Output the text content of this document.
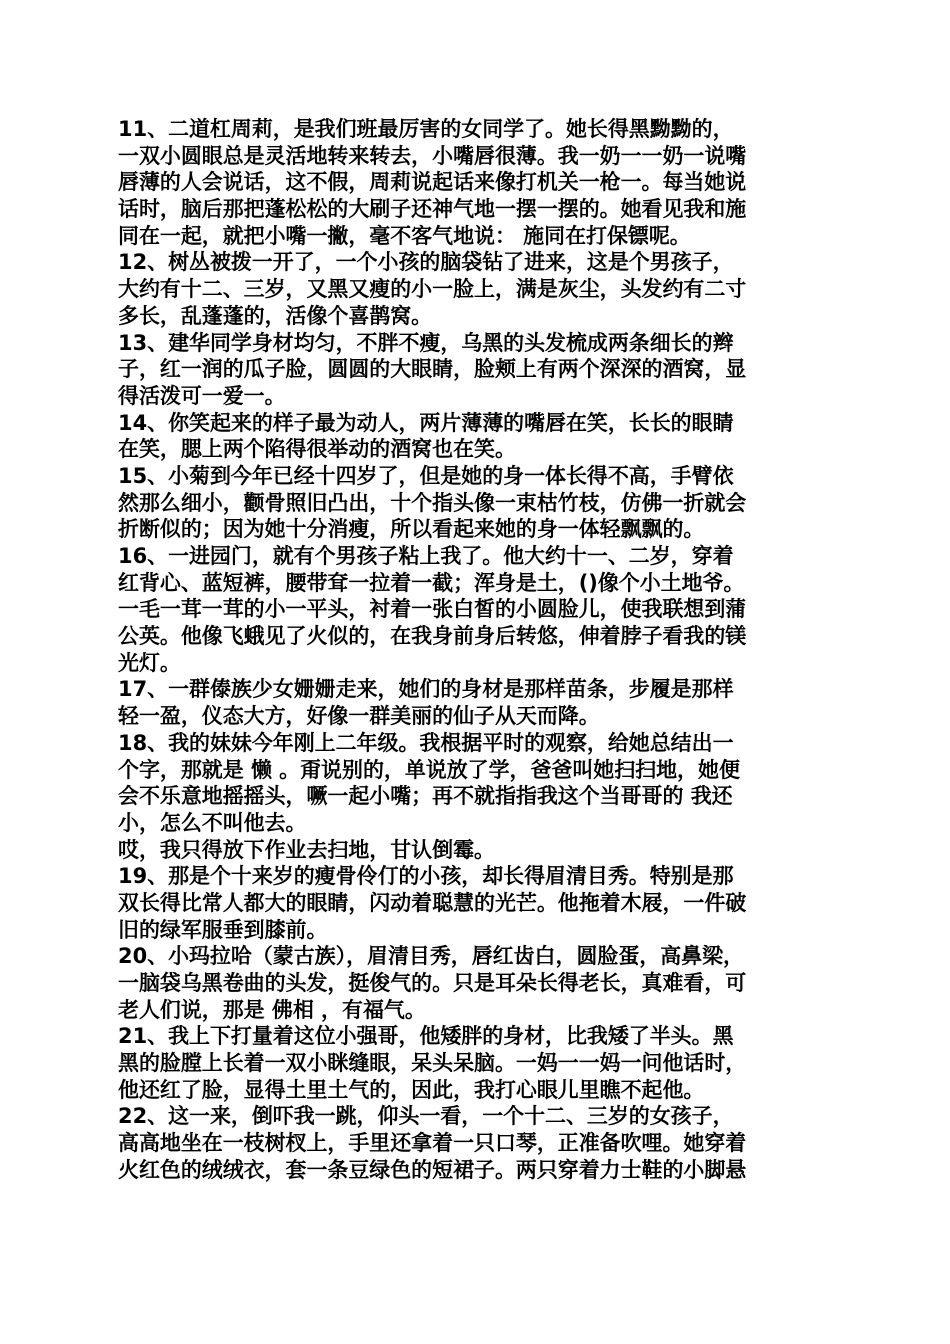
11、二道杠周莉，是我们班最厉害的女同学了。她长得黑黝黝的，
一双小圆眼总是灵活地转来转去，小嘴唇很薄。我一奶一一奶一说嘴
唇薄的人会说话，这不假，周莉说起话来像打机关一枪一。每当她说
话时，脑后那把蓬松松的大刷子还神气地一摆一摆的。她看见我和施
同在一起，就把小嘴一撇，毫不客气地说： 施同在打保镖呢。
12、树丛被拨一开了，一个小孩的脑袋钻了进来，这是个男孩子，
大约有十二、三岁，又黑又瘦的小一脸上，满是灰尘，头发约有二寸
多长，乱蓬蓬的，活像个喜鹊窝。
13、建华同学身材均匀，不胖不瘦，乌黑的头发梳成两条细长的辫
子，红一润的瓜子脸，圆圆的大眼睛，脸颊上有两个深深的酒窝，显
得活泼可一爱一。
14、你笑起来的样子最为动人，两片薄薄的嘴唇在笑，长长的眼睛
在笑，腮上两个陷得很举动的酒窝也在笑。
15、小菊到今年已经十四岁了，但是她的身一体长得不高，手臂依
然那么细小，颧骨照旧凸出，十个指头像一束枯竹枝，仿佛一折就会
折断似的；因为她十分消瘦，所以看起来她的身一体轻飘飘的。
16、一进园门，就有个男孩子粘上我了。他大约十一、二岁，穿着
红背心、蓝短裤，腰带耷一拉着一截；浑身是土，()像个小土地爷。
一毛一茸一茸的小一平头，衬着一张白皙的小圆脸儿，使我联想到蒲
公英。他像飞蛾见了火似的，在我身前身后转悠，伸着脖子看我的镁
光灯。
17、一群傣族少女姗姗走来，她们的身材是那样苗条，步履是那样
轻一盈，仪态大方，好像一群美丽的仙子从天而降。
18、我的妹妹今年刚上二年级。我根据平时的观察，给她总结出一
个字，那就是 懒 。甭说别的，单说放了学，爸爸叫她扫扫地，她便
会不乐意地摇摇头，噘一起小嘴；再不就指指我这个当哥哥的 我还
小，怎么不叫他去。
哎，我只得放下作业去扫地，甘认倒霉。
19、那是个十来岁的瘦骨伶仃的小孩，却长得眉清目秀。特别是那
双长得比常人都大的眼睛，闪动着聪慧的光芒。他拖着木屐，一件破
旧的绿军服垂到膝前。
20、小玛拉哈（蒙古族），眉清目秀，唇红齿白，圆脸蛋，高鼻梁，
一脑袋乌黑卷曲的头发，挺俊气的。只是耳朵长得老长，真难看，可
老人们说，那是 佛相 ，有福气。
21、我上下打量着这位小强哥，他矮胖的身材，比我矮了半头。黑
黑的脸膛上长着一双小眯缝眼，呆头呆脑。一妈一一妈一问他话时，
他还红了脸，显得土里土气的，因此，我打心眼儿里瞧不起他。
22、这一来，倒吓我一跳，仰头一看，一个十二、三岁的女孩子，
高高地坐在一枝树杈上，手里还拿着一只口琴，正准备吹哩。她穿着
火红色的绒绒衣，套一条豆绿色的短裙子。两只穿着力士鞋的小脚悬
